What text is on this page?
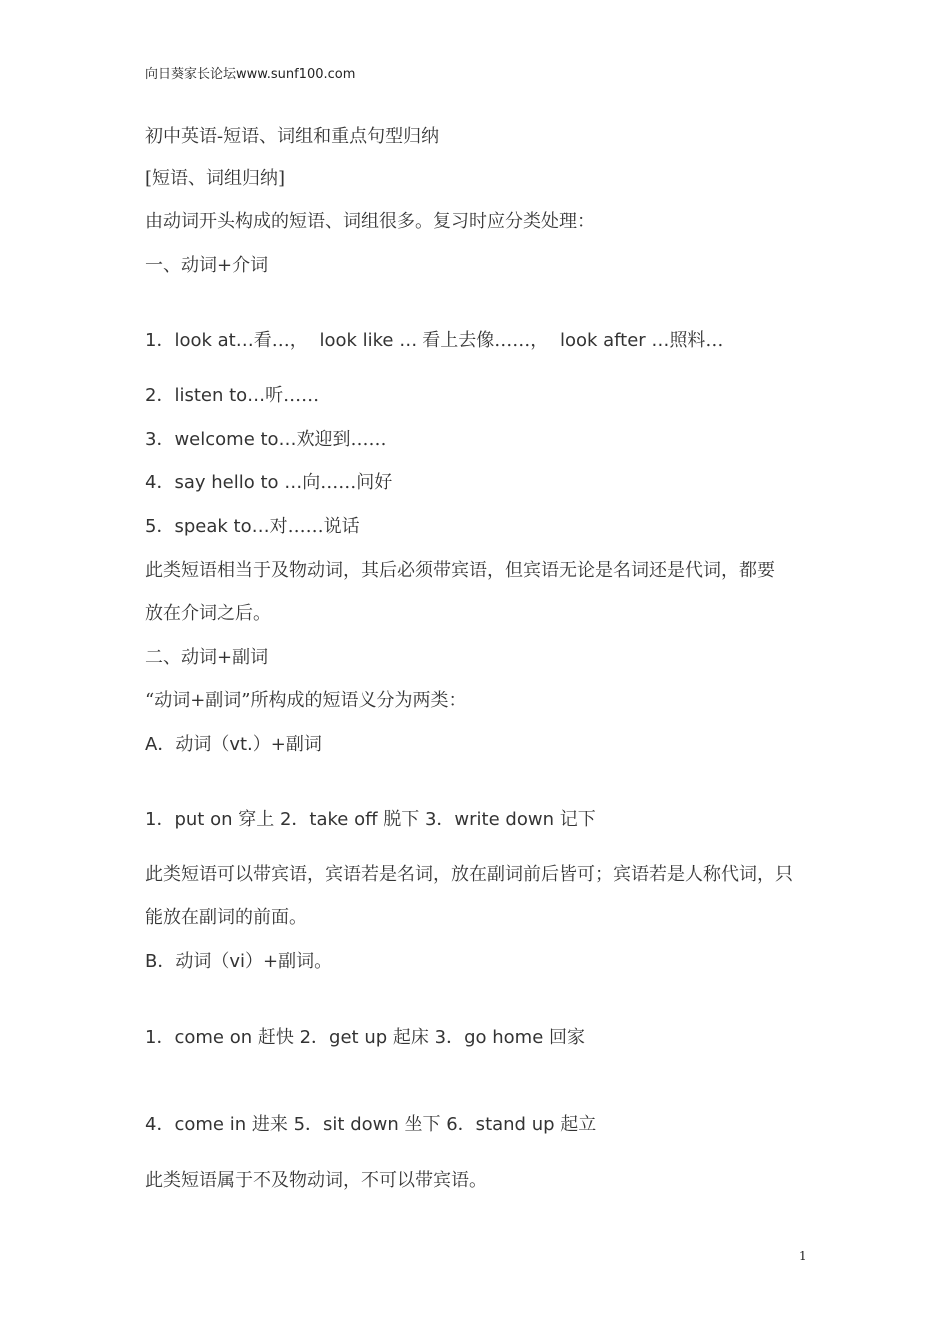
向日葵家长论坛www.sunf100.com
初中英语-短语、词组和重点句型归纳
[短语、词组归纳]
由动词开头构成的短语、词组很多。复习时应分类处理：
一、动词+介词
1．look at…看…， look like … 看上去像……， look after …照料…
2．listen to…听……
3．welcome to…欢迎到……
4．say hello to …向……问好
5．speak to…对……说话
此类短语相当于及物动词，其后必须带宾语，但宾语无论是名词还是代词，都要
放在介词之后。
二、动词+副词
“动词+副词”所构成的短语义分为两类：
A．动词（vt.）+副词
1．put on 穿上 2．take off 脱下 3．write down 记下
此类短语可以带宾语，宾语若是名词，放在副词前后皆可；宾语若是人称代词，只
能放在副词的前面。
B．动词（vi）+副词。
1．come on 赶快 2．get up 起床 3．go home 回家
4．come in 进来 5．sit down 坐下 6．stand up 起立
此类短语属于不及物动词，不可以带宾语。
1
